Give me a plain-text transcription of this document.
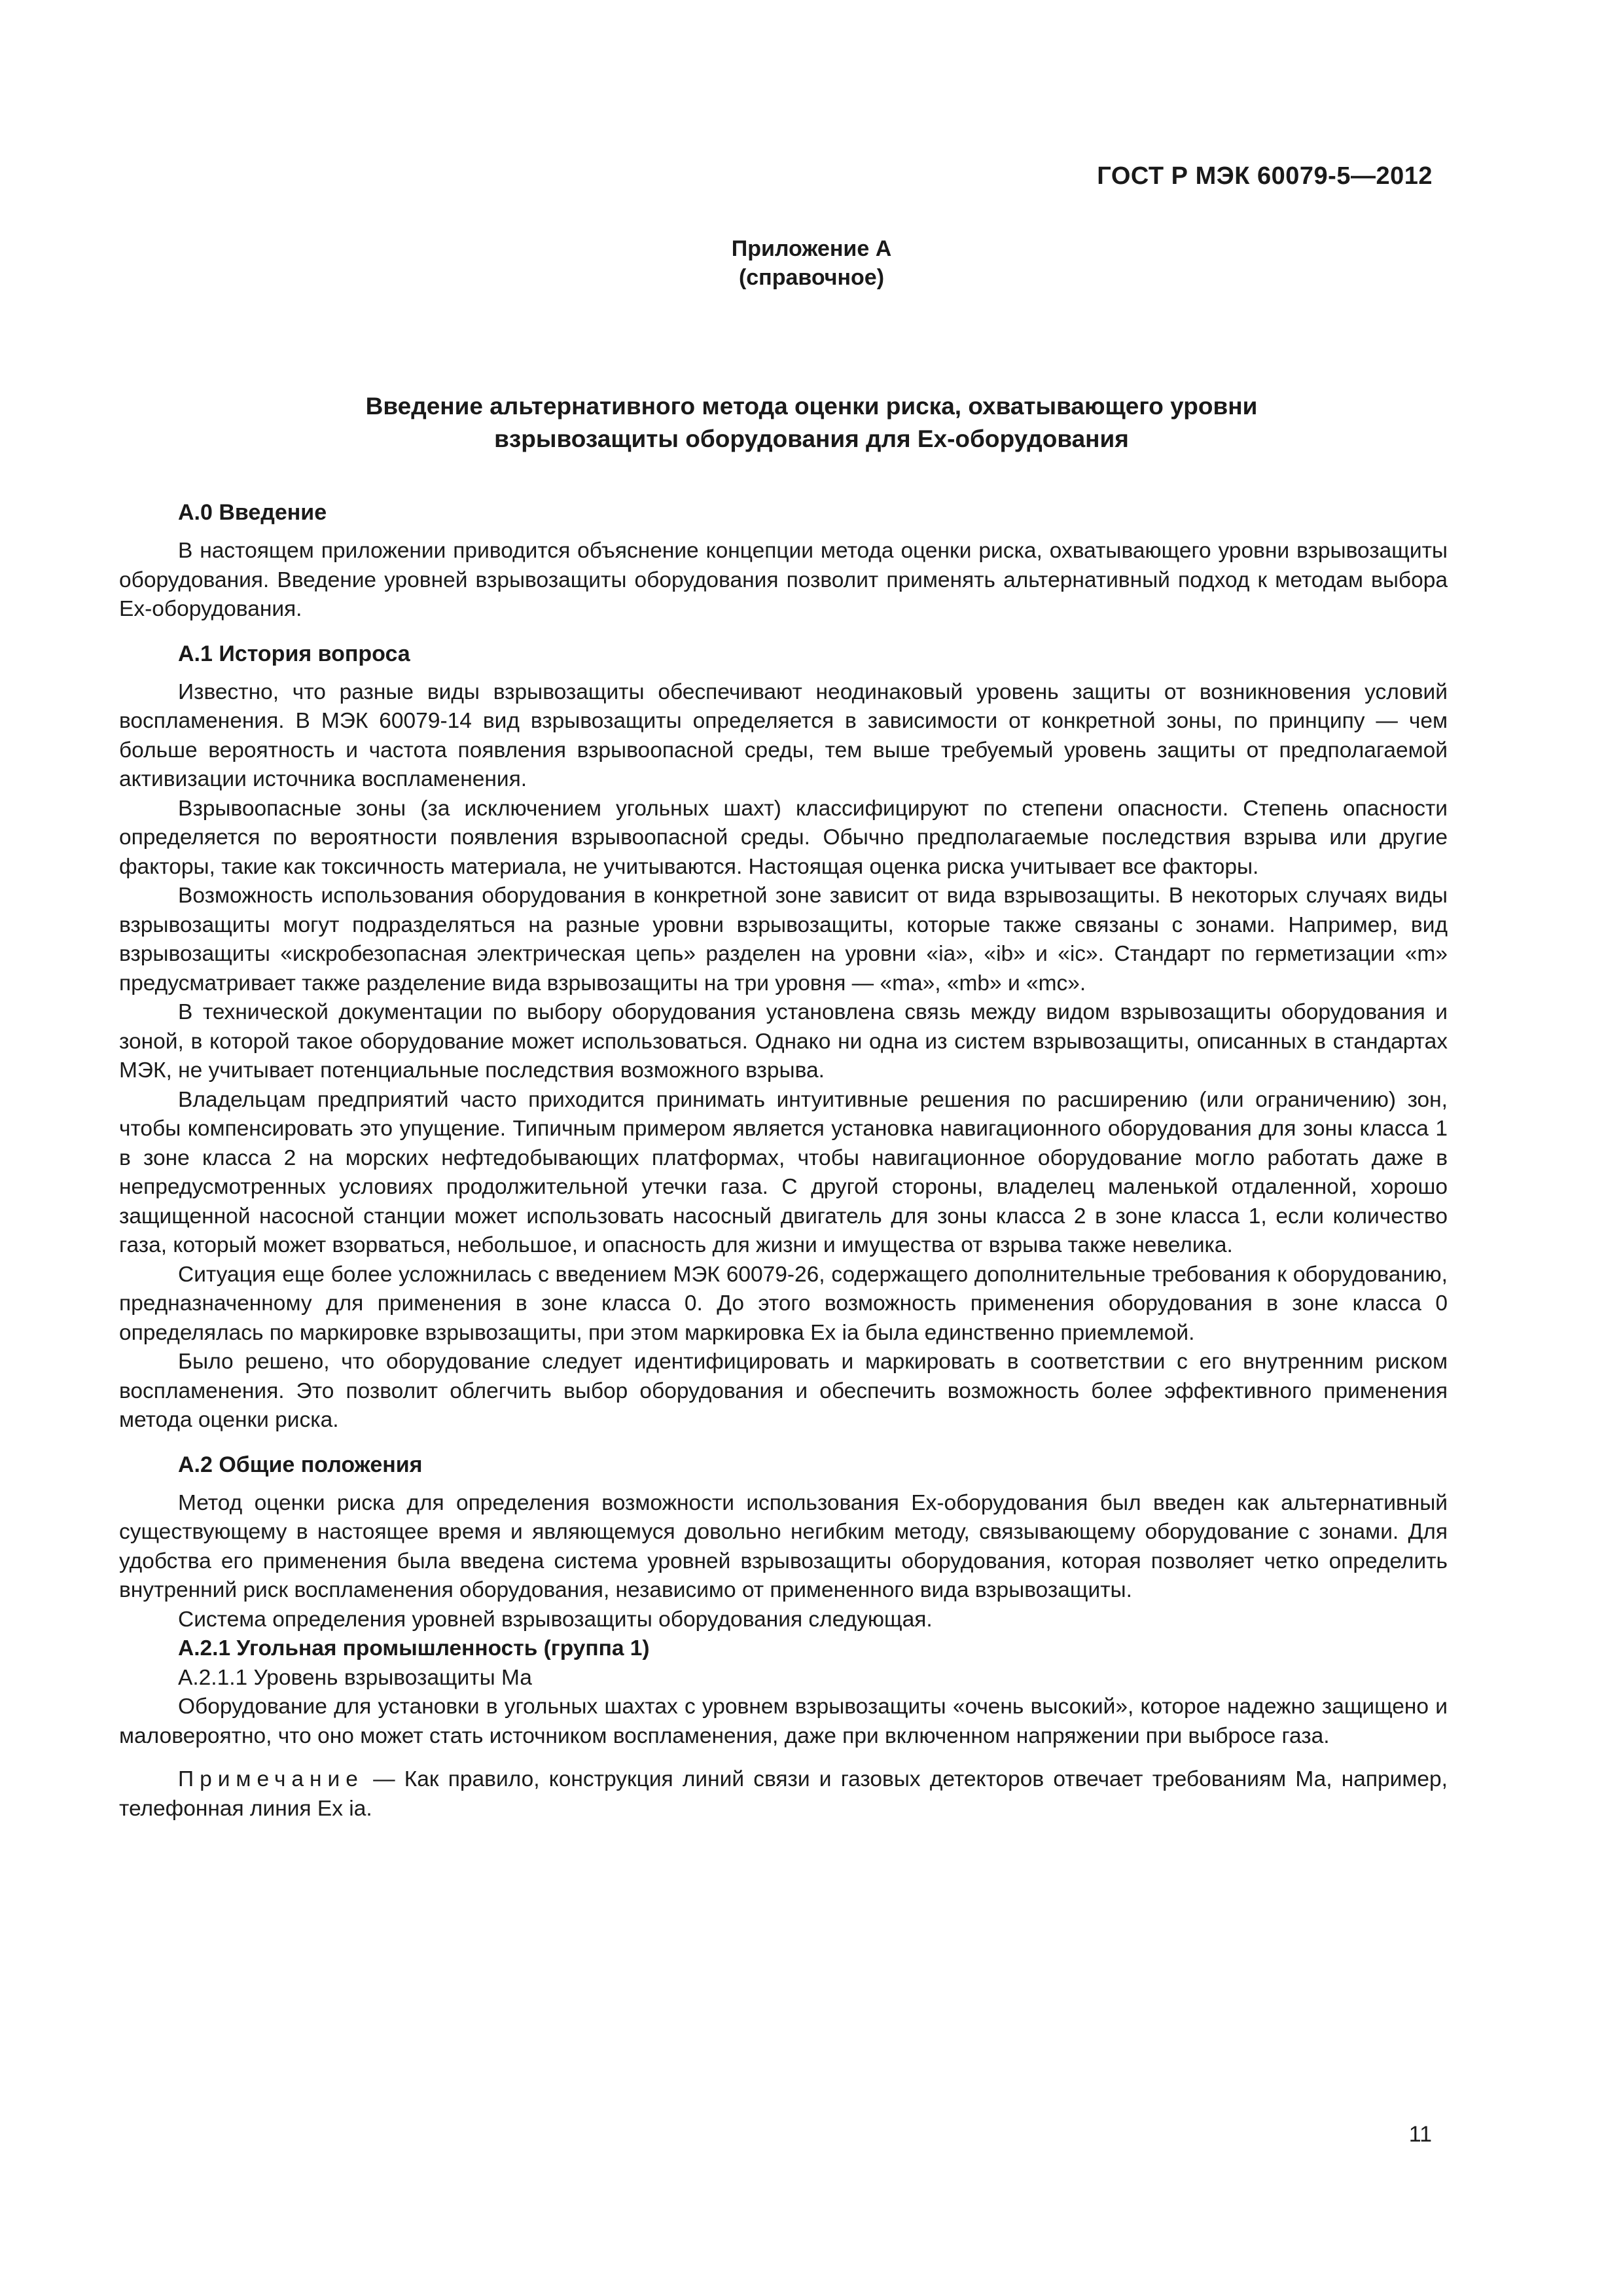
ГОСТ Р МЭК 60079-5—2012
Приложение А
(справочное)
Введение альтернативного метода оценки риска, охватывающего уровни
взрывозащиты оборудования для Ex-оборудования
А.0 Введение

В настоящем приложении приводится объяснение концепции метода оценки риска, охватывающего уровни взрывозащиты оборудования. Введение уровней взрывозащиты оборудования позволит применять альтернативный подход к методам выбора Ex-оборудования.

А.1 История вопроса

Известно, что разные виды взрывозащиты обеспечивают неодинаковый уровень защиты от возникновения условий воспламенения. В МЭК 60079-14 вид взрывозащиты определяется в зависимости от конкретной зоны, по принципу — чем больше вероятность и частота появления взрывоопасной среды, тем выше требуемый уровень защиты от предполагаемой активизации источника воспламенения.

Взрывоопасные зоны (за исключением угольных шахт) классифицируют по степени опасности. Степень опасности определяется по вероятности появления взрывоопасной среды. Обычно предполагаемые последствия взрыва или другие факторы, такие как токсичность материала, не учитываются. Настоящая оценка риска учитывает все факторы.

Возможность использования оборудования в конкретной зоне зависит от вида взрывозащиты. В некоторых случаях виды взрывозащиты могут подразделяться на разные уровни взрывозащиты, которые также связаны с зонами. Например, вид взрывозащиты «искробезопасная электрическая цепь» разделен на уровни «ia», «ib» и «ic». Стандарт по герметизации «m» предусматривает также разделение вида взрывозащиты на три уровня — «ma», «mb» и «mc».

В технической документации по выбору оборудования установлена связь между видом взрывозащиты оборудования и зоной, в которой такое оборудование может использоваться. Однако ни одна из систем взрывозащиты, описанных в стандартах МЭК, не учитывает потенциальные последствия возможного взрыва.

Владельцам предприятий часто приходится принимать интуитивные решения по расширению (или ограничению) зон, чтобы компенсировать это упущение. Типичным примером является установка навигационного оборудования для зоны класса 1 в зоне класса 2 на морских нефтедобывающих платформах, чтобы навигационное оборудование могло работать даже в непредусмотренных условиях продолжительной утечки газа. С другой стороны, владелец маленькой отдаленной, хорошо защищенной насосной станции может использовать насосный двигатель для зоны класса 2 в зоне класса 1, если количество газа, который может взорваться, небольшое, и опасность для жизни и имущества от взрыва также невелика.

Ситуация еще более усложнилась с введением МЭК 60079-26, содержащего дополнительные требования к оборудованию, предназначенному для применения в зоне класса 0. До этого возможность применения оборудования в зоне класса 0 определялась по маркировке взрывозащиты, при этом маркировка Ex ia была единственно приемлемой.

Было решено, что оборудование следует идентифицировать и маркировать в соответствии с его внутренним риском воспламенения. Это позволит облегчить выбор оборудования и обеспечить возможность более эффективного применения метода оценки риска.

А.2 Общие положения

Метод оценки риска для определения возможности использования Ex-оборудования был введен как альтернативный существующему в настоящее время и являющемуся довольно негибким методу, связывающему оборудование с зонами. Для удобства его применения была введена система уровней взрывозащиты оборудования, которая позволяет четко определить внутренний риск воспламенения оборудования, независимо от примененного вида взрывозащиты.

Система определения уровней взрывозащиты оборудования следующая.

А.2.1 Угольная промышленность (группа 1)
А.2.1.1 Уровень взрывозащиты Ма

Оборудование для установки в угольных шахтах с уровнем взрывозащиты «очень высокий», которое надежно защищено и маловероятно, что оно может стать источником воспламенения, даже при включенном напряжении при выбросе газа.

Примечание — Как правило, конструкция линий связи и газовых детекторов отвечает требованиям Ма, например, телефонная линия Ex ia.

11
